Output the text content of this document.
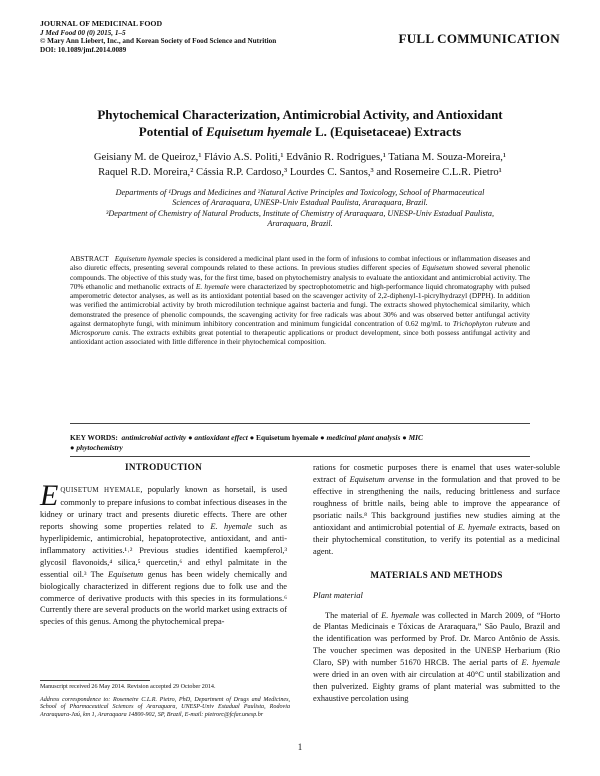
JOURNAL OF MEDICINAL FOOD
J Med Food 00 (0) 2015, 1–5
© Mary Ann Liebert, Inc., and Korean Society of Food Science and Nutrition
DOI: 10.1089/jmf.2014.0089
FULL COMMUNICATION
Phytochemical Characterization, Antimicrobial Activity, and Antioxidant
Potential of Equisetum hyemale L. (Equisetaceae) Extracts
Geisiany M. de Queiroz,¹ Flávio A.S. Politi,¹ Edvânio R. Rodrigues,¹ Tatiana M. Souza-Moreira,¹
Raquel R.D. Moreira,² Cássia R.P. Cardoso,³ Lourdes C. Santos,³ and Rosemeire C.L.R. Pietro¹
Departments of ¹Drugs and Medicines and ²Natural Active Principles and Toxicology, School of Pharmaceutical
Sciences of Araraquara, UNESP-Univ Estadual Paulista, Araraquara, Brazil.
³Department of Chemistry of Natural Products, Institute of Chemistry of Araraquara, UNESP-Univ Estadual Paulista,
Araraquara, Brazil.
ABSTRACT Equisetum hyemale species is considered a medicinal plant used in the form of infusions to combat infectious or inflammation diseases and also diuretic effects, presenting several compounds related to these actions. In previous studies different species of Equisetum showed several phenolic compounds. The objective of this study was, for the first time, based on phytochemistry analysis to evaluate the antioxidant and antimicrobial activity. The 70% ethanolic and methanolic extracts of E. hyemale were characterized by spectrophotometric and high-performance liquid chromatography with pulsed amperometric detector analyses, as well as its antioxidant potential based on the scavenger activity of 2,2-diphenyl-1-picrylhydrazyl (DPPH). In addition was verified the antimicrobial activity by broth microdilution technique against bacteria and fungi. The extracts showed phytochemical similarity, which demonstrated the presence of phenolic compounds, the scavenging activity for free radicals was about 30% and was observed better antifungal activity against dermatophyte fungi, with minimum inhibitory concentration and minimum fungicidal concentration of 0.62 mg/mL to Trichophyton rubrum and Microsporum canis. The extracts exhibits great potential to therapeutic applications or product development, since both possess antifungal activity and antioxidant action associated with little difference in their phytochemical composition.
KEY WORDS: antimicrobial activity ● antioxidant effect ● Equisetum hyemale ● medicinal plant analysis ● MIC
● phytochemistry

INTRODUCTION

EQUISETUM HYEMALE, popularly known as horsetail, is used commonly to prepare infusions to combat infectious diseases in the kidney or urinary tract and presents diuretic effects. There are other reports showing some properties related to E. hyemale such as hyperlipidemic, antimicrobial, hepatoprotective, antioxidant, and anti-inflammatory activities.¹˒² Previous studies identified kaempferol,³ glycosil flavonoids,⁴ silica,⁵ quercetin,⁶ and ethyl palmitate in the essential oil.³ The Equisetum genus has been widely chemically and biologically characterized in different regions due to folk use and the commerce of derivative products with this species in its formulations.⁶ Currently there are several products on the world market using extracts of species of this genus. Among the phytochemical prepa-

Manuscript received 26 May 2014. Revision accepted 29 October 2014.
Address correspondence to: Rosemeire C.L.R. Pietro, PhD, Department of Drugs and Medicines, School of Pharmaceutical Sciences of Araraquara, UNESP-Univ Estadual Paulista, Rodovia Araraquara-Jaú, km 1, Araraquara 14800-902, SP, Brazil, E-mail: pietrorc@fcfar.unesp.br

rations for cosmetic purposes there is enamel that uses water-soluble extract of Equisetum arvense in the formulation and that proved to be effective in strengthening the nails, reducing brittleness and surface roughness of brittle nails, being able to improve the appearance of psoriatic nails.⁸ This background justifies new studies aiming at the antioxidant and antimicrobial potential of E. hyemale extracts, based on their phytochemical constitution, to verify its potential as a medicinal agent.

MATERIALS AND METHODS

Plant material

The material of E. hyemale was collected in March 2009, of “Horto de Plantas Medicinais e Tóxicas de Araraquara,” São Paulo, Brazil and the identification was performed by Prof. Dr. Marco Antônio de Assis. The voucher specimen was deposited in the UNESP Herbarium (Rio Claro, SP) with number 51670 HRCB. The aerial parts of E. hyemale were dried in an oven with air circulation at 40°C until stabilization and then pulverized. Eighty grams of plant material was submitted to the exhaustive percolation using

1
